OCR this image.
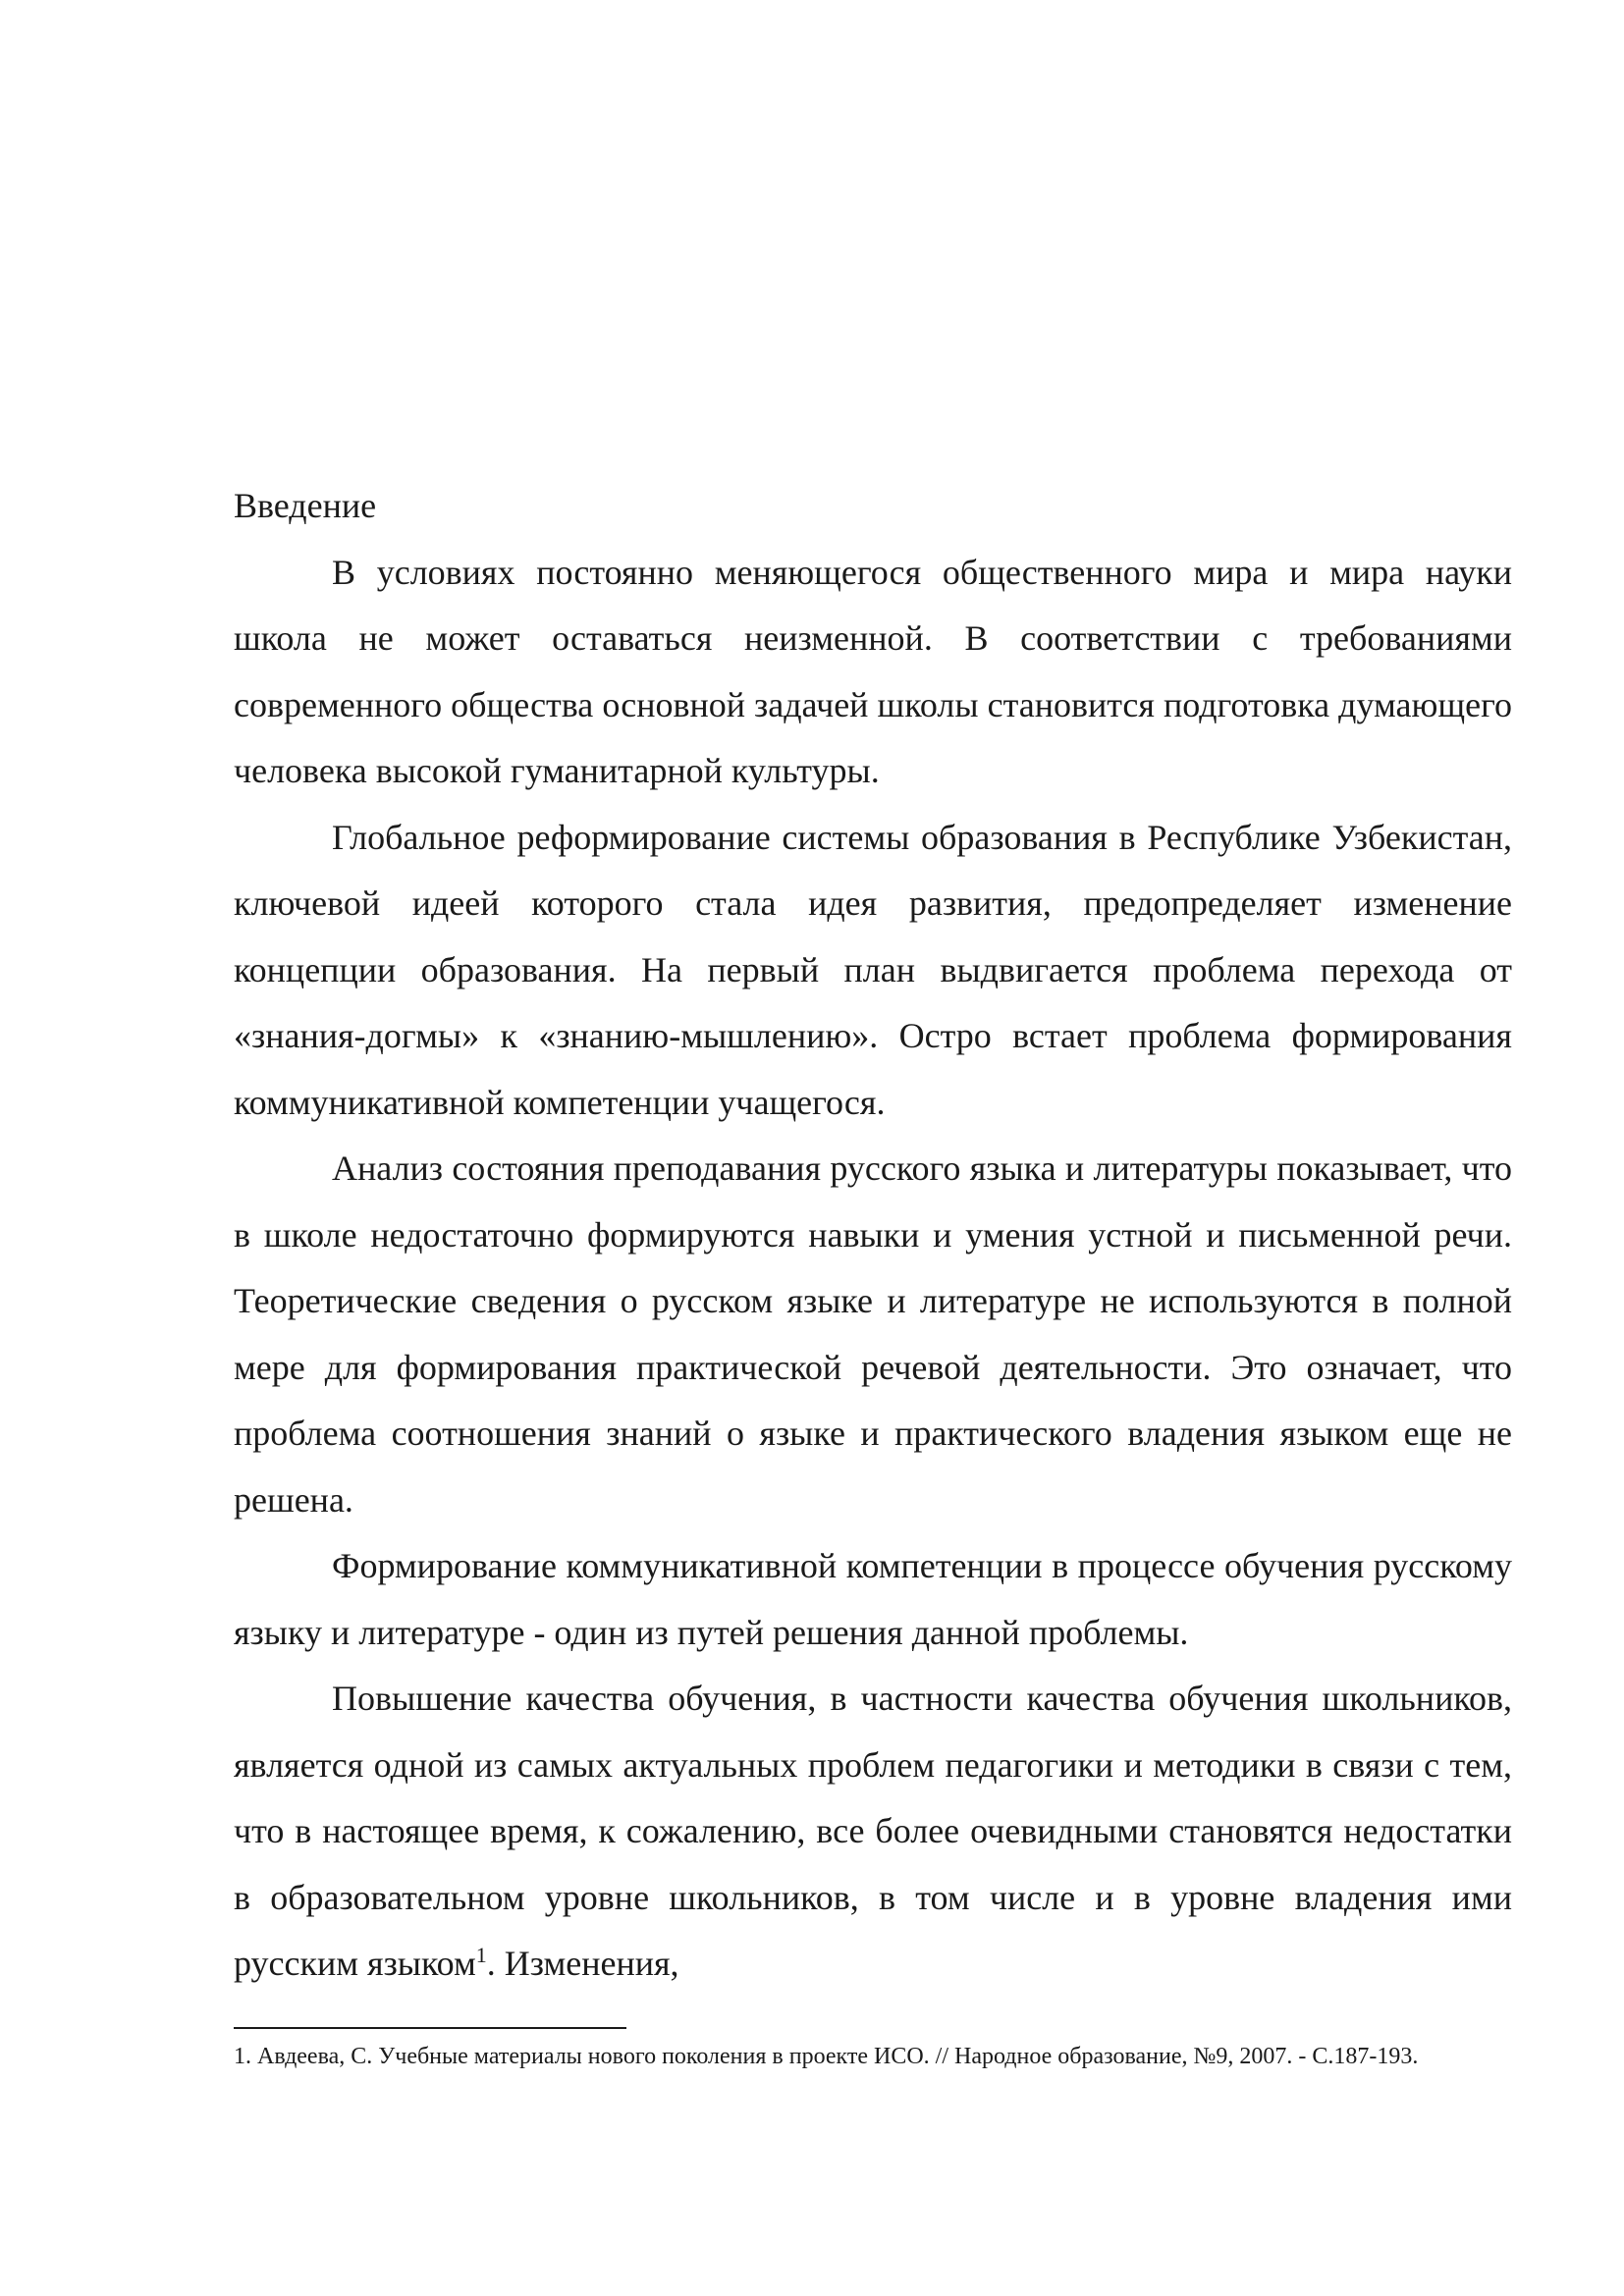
Введение

В условиях постоянно меняющегося общественного мира и мира науки школа не может оставаться неизменной. В соответствии с требованиями современного общества основной задачей школы становится подготовка думающего человека высокой гуманитарной культуры.

Глобальное реформирование системы образования в Республике Узбекистан, ключевой идеей которого стала идея развития, предопределяет изменение концепции образования. На первый план выдвигается проблема перехода от «знания-догмы» к «знанию-мышлению». Остро встает проблема формирования коммуникативной компетенции учащегося.

Анализ состояния преподавания русского языка и литературы показывает, что в школе недостаточно формируются навыки и умения устной и письменной речи. Теоретические сведения о русском языке и литературе не используются в полной мере для формирования практической речевой деятельности. Это означает, что проблема соотношения знаний о языке и практического владения языком еще не решена.

Формирование коммуникативной компетенции в процессе обучения русскому языку и литературе - один из путей решения данной проблемы.

Повышение качества обучения, в частности качества обучения школьников, является одной из самых актуальных проблем педагогики и методики в связи с тем, что в настоящее время, к сожалению, все более очевидными становятся недостатки в образовательном уровне школьников, в том числе и в уровне владения ими русским языком$^1$. Изменения,

1. Авдеева, С. Учебные материалы нового поколения в проекте ИСО. // Народное образование, №9, 2007. - С.187-193.
